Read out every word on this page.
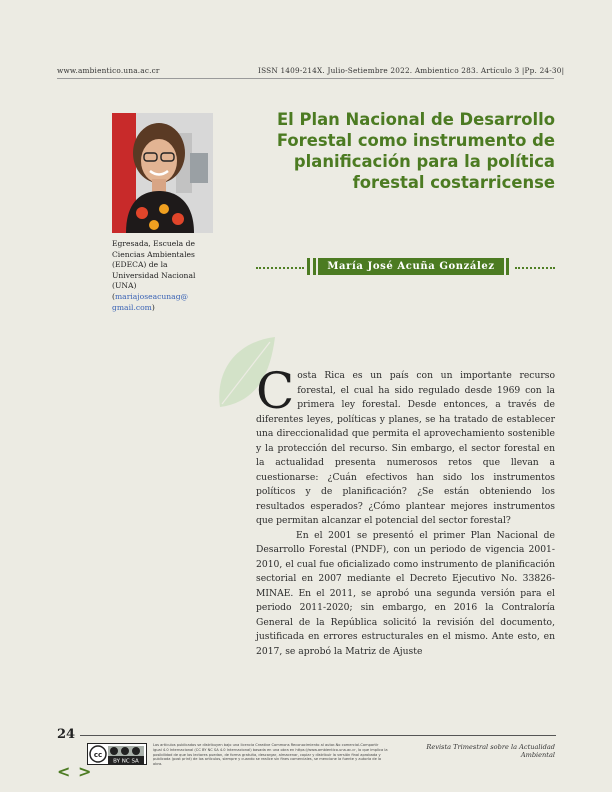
www.ambientico.una.ac.cr	ISSN 1409-214X. Julio-Setiembre 2022. Ambientico 283. Artículo 3 |Pp. 24-30|
El Plan Nacional de Desarrollo
Forestal como instrumento de
planificación para la política
forestal costarricense
Egresada, Escuela de
Ciencias Ambientales
(EDECA) de la
Universidad Nacional
(UNA)
(mariajoseacunag@
gmail.com)
María José Acuña González

Costa Rica es un país con un importante recurso forestal, el cual ha sido regulado desde 1969 con la primera ley forestal. Desde entonces, a través de diferentes leyes, políticas y planes, se ha tratado de establecer una direccionalidad que permita el aprovechamiento sostenible y la protección del recurso. Sin embargo, el sector forestal en la actualidad presenta numerosos retos que llevan a cuestionarse: ¿Cuán efectivos han sido los instrumentos políticos y de planificación? ¿Se están obteniendo los resultados esperados? ¿Cómo plantear mejores instrumentos que permitan alcanzar el potencial del sector forestal?

En el 2001 se presentó el primer Plan Nacional de Desarrollo Forestal (PNDF), con un periodo de vigencia 2001-2010, el cual fue oficializado como instrumento de planificación sectorial en 2007 mediante el Decreto Ejecutivo No. 33826-MINAE. En el 2011, se aprobó una segunda versión para el periodo 2011-2020; sin embargo, en 2016 la Contraloría General de la República solicitó la revisión del documento, justificada en errores estructurales en el mismo. Ante esto, en 2017, se aprobó la Matriz de Ajuste

24
cc
BY NC SA
Los artículos publicados se distribuyen bajo una licencia Creative Commons Reconocimiento al autor-No comercial-Compartir igual 4.0 Internacional (CC BY NC SA 4.0 Internacional) basada en una obra en https://www.ambientico.una.ac.cr, lo que implica la posibilidad de que los lectores puedan, de forma gratuita, descargar, almacenar, copiar y distribuir la versión final aprobada y publicada (post print) de los artículos, siempre y cuando se realice sin fines comerciales, se mencione la fuente y autoría de la obra.
Revista Trimestral sobre la Actualidad Ambiental
< >
